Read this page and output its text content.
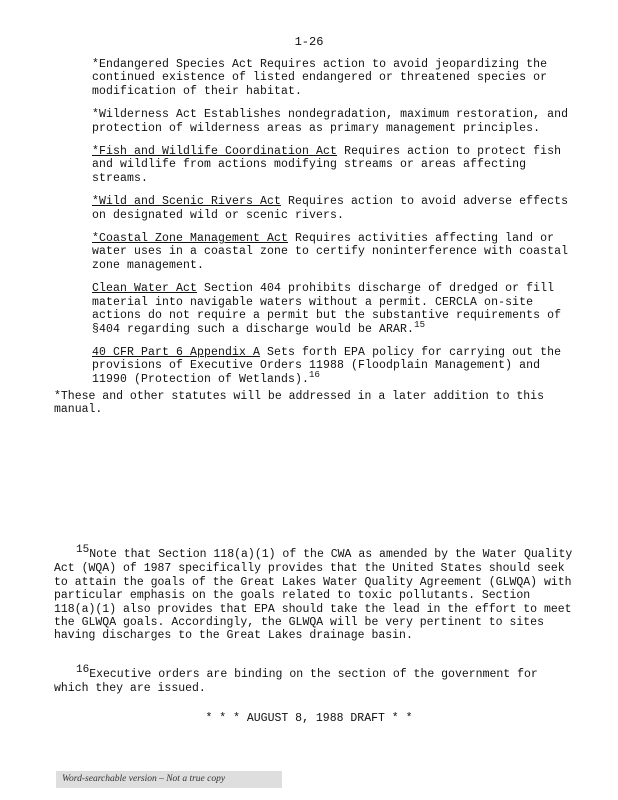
1-26
*Endangered Species Act Requires action to avoid jeopardizing the continued existence of listed endangered or threatened species or modification of their habitat.
*Wilderness Act Establishes nondegradation, maximum restoration, and protection of wilderness areas as primary management principles.
*Fish and Wildlife Coordination Act Requires action to protect fish and wildlife from actions modifying streams or areas affecting streams.
*Wild and Scenic Rivers Act Requires action to avoid adverse effects on designated wild or scenic rivers.
*Coastal Zone Management Act Requires activities affecting land or water uses in a coastal zone to certify noninterference with coastal zone management.
Clean Water Act Section 404 prohibits discharge of dredged or fill material into navigable waters without a permit. CERCLA on-site actions do not require a permit but the substantive requirements of §404 regarding such a discharge would be ARAR.$^{15}$
40 CFR Part 6 Appendix A Sets forth EPA policy for carrying out the provisions of Executive Orders 11988 (Floodplain Management) and 11990 (Protection of Wetlands).$^{16}$
*These and other statutes will be addressed in a later addition to this manual.
15Note that Section 118(a)(1) of the CWA as amended by the Water Quality Act (WQA) of 1987 specifically provides that the United States should seek to attain the goals of the Great Lakes Water Quality Agreement (GLWQA) with particular emphasis on the goals related to toxic pollutants. Section 118(a)(1) also provides that EPA should take the lead in the effort to meet the GLWQA goals. Accordingly, the GLWQA will be very pertinent to sites having discharges to the Great Lakes drainage basin.
16Executive orders are binding on the section of the government for which they are issued.
* * * AUGUST 8, 1988 DRAFT * *
Word-searchable version – Not a true copy
